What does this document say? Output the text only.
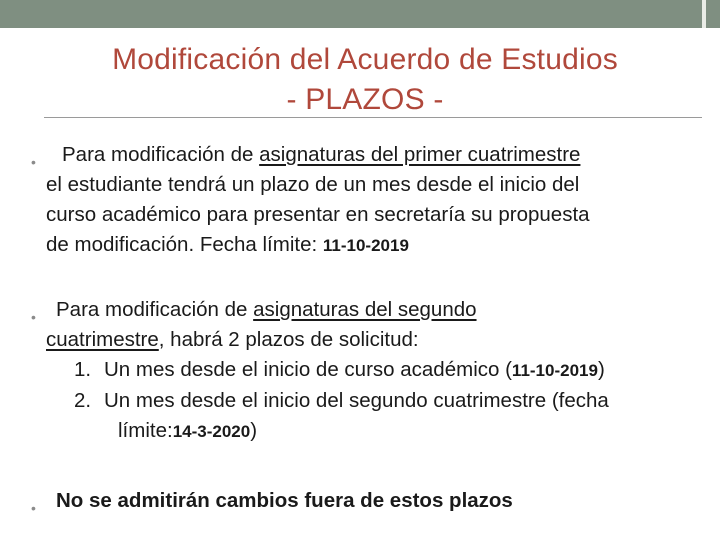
Modificación del Acuerdo de Estudios
- PLAZOS -
• Para modificación de asignaturas del primer cuatrimestre
el estudiante tendrá un plazo de un mes desde el inicio del
curso académico para presentar en secretaría su propuesta
de modificación. Fecha límite: 11-10-2019
• Para modificación de asignaturas del segundo
cuatrimestre, habrá 2 plazos de solicitud:
1. Un mes desde el inicio de curso académico (11-10-2019)
2. Un mes desde el inicio del segundo cuatrimestre (fecha
límite:14-3-2020)
• No se admitirán cambios fuera de estos plazos
